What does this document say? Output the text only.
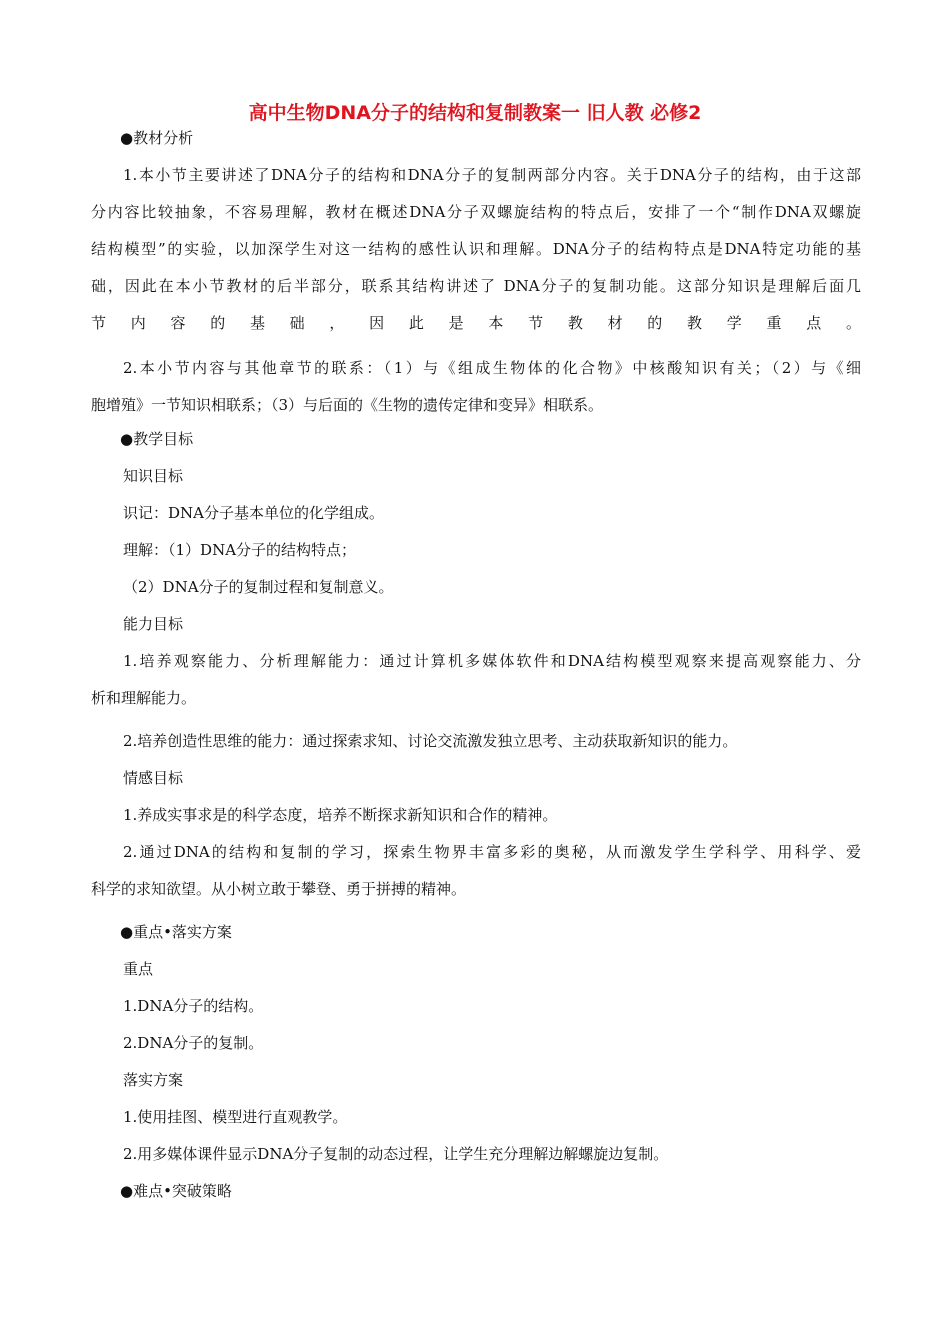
高中生物DNA分子的结构和复制教案一 旧人教 必修2
●教材分析
1.本小节主要讲述了DNA分子的结构和DNA分子的复制两部分内容。关于DNA分子的结构，由于这部
分内容比较抽象，不容易理解，教材在概述DNA分子双螺旋结构的特点后，安排了一个“制作DNA双螺旋
结构模型”的实验，以加深学生对这一结构的感性认识和理解。DNA分子的结构特点是DNA特定功能的基
础，因此在本小节教材的后半部分，联系其结构讲述了 DNA分子的复制功能。这部分知识是理解后面几
节内容的基础，因此是本节教材的教学重点。
2.本小节内容与其他章节的联系：（1）与《组成生物体的化合物》中核酸知识有关；（2）与《细
胞增殖》一节知识相联系；（3）与后面的《生物的遗传定律和变异》相联系。
●教学目标
知识目标
识记：DNA分子基本单位的化学组成。
理解：（1）DNA分子的结构特点；
（2）DNA分子的复制过程和复制意义。
能力目标
1.培养观察能力、分析理解能力：通过计算机多媒体软件和DNA结构模型观察来提高观察能力、分
析和理解能力。
2.培养创造性思维的能力：通过探索求知、讨论交流激发独立思考、主动获取新知识的能力。
情感目标
1.养成实事求是的科学态度，培养不断探求新知识和合作的精神。
2.通过DNA的结构和复制的学习，探索生物界丰富多彩的奥秘，从而激发学生学科学、用科学、爱
科学的求知欲望。从小树立敢于攀登、勇于拼搏的精神。
●重点•落实方案
重点
1.DNA分子的结构。
2.DNA分子的复制。
落实方案
1.使用挂图、模型进行直观教学。
2.用多媒体课件显示DNA分子复制的动态过程，让学生充分理解边解螺旋边复制。
●难点•突破策略
